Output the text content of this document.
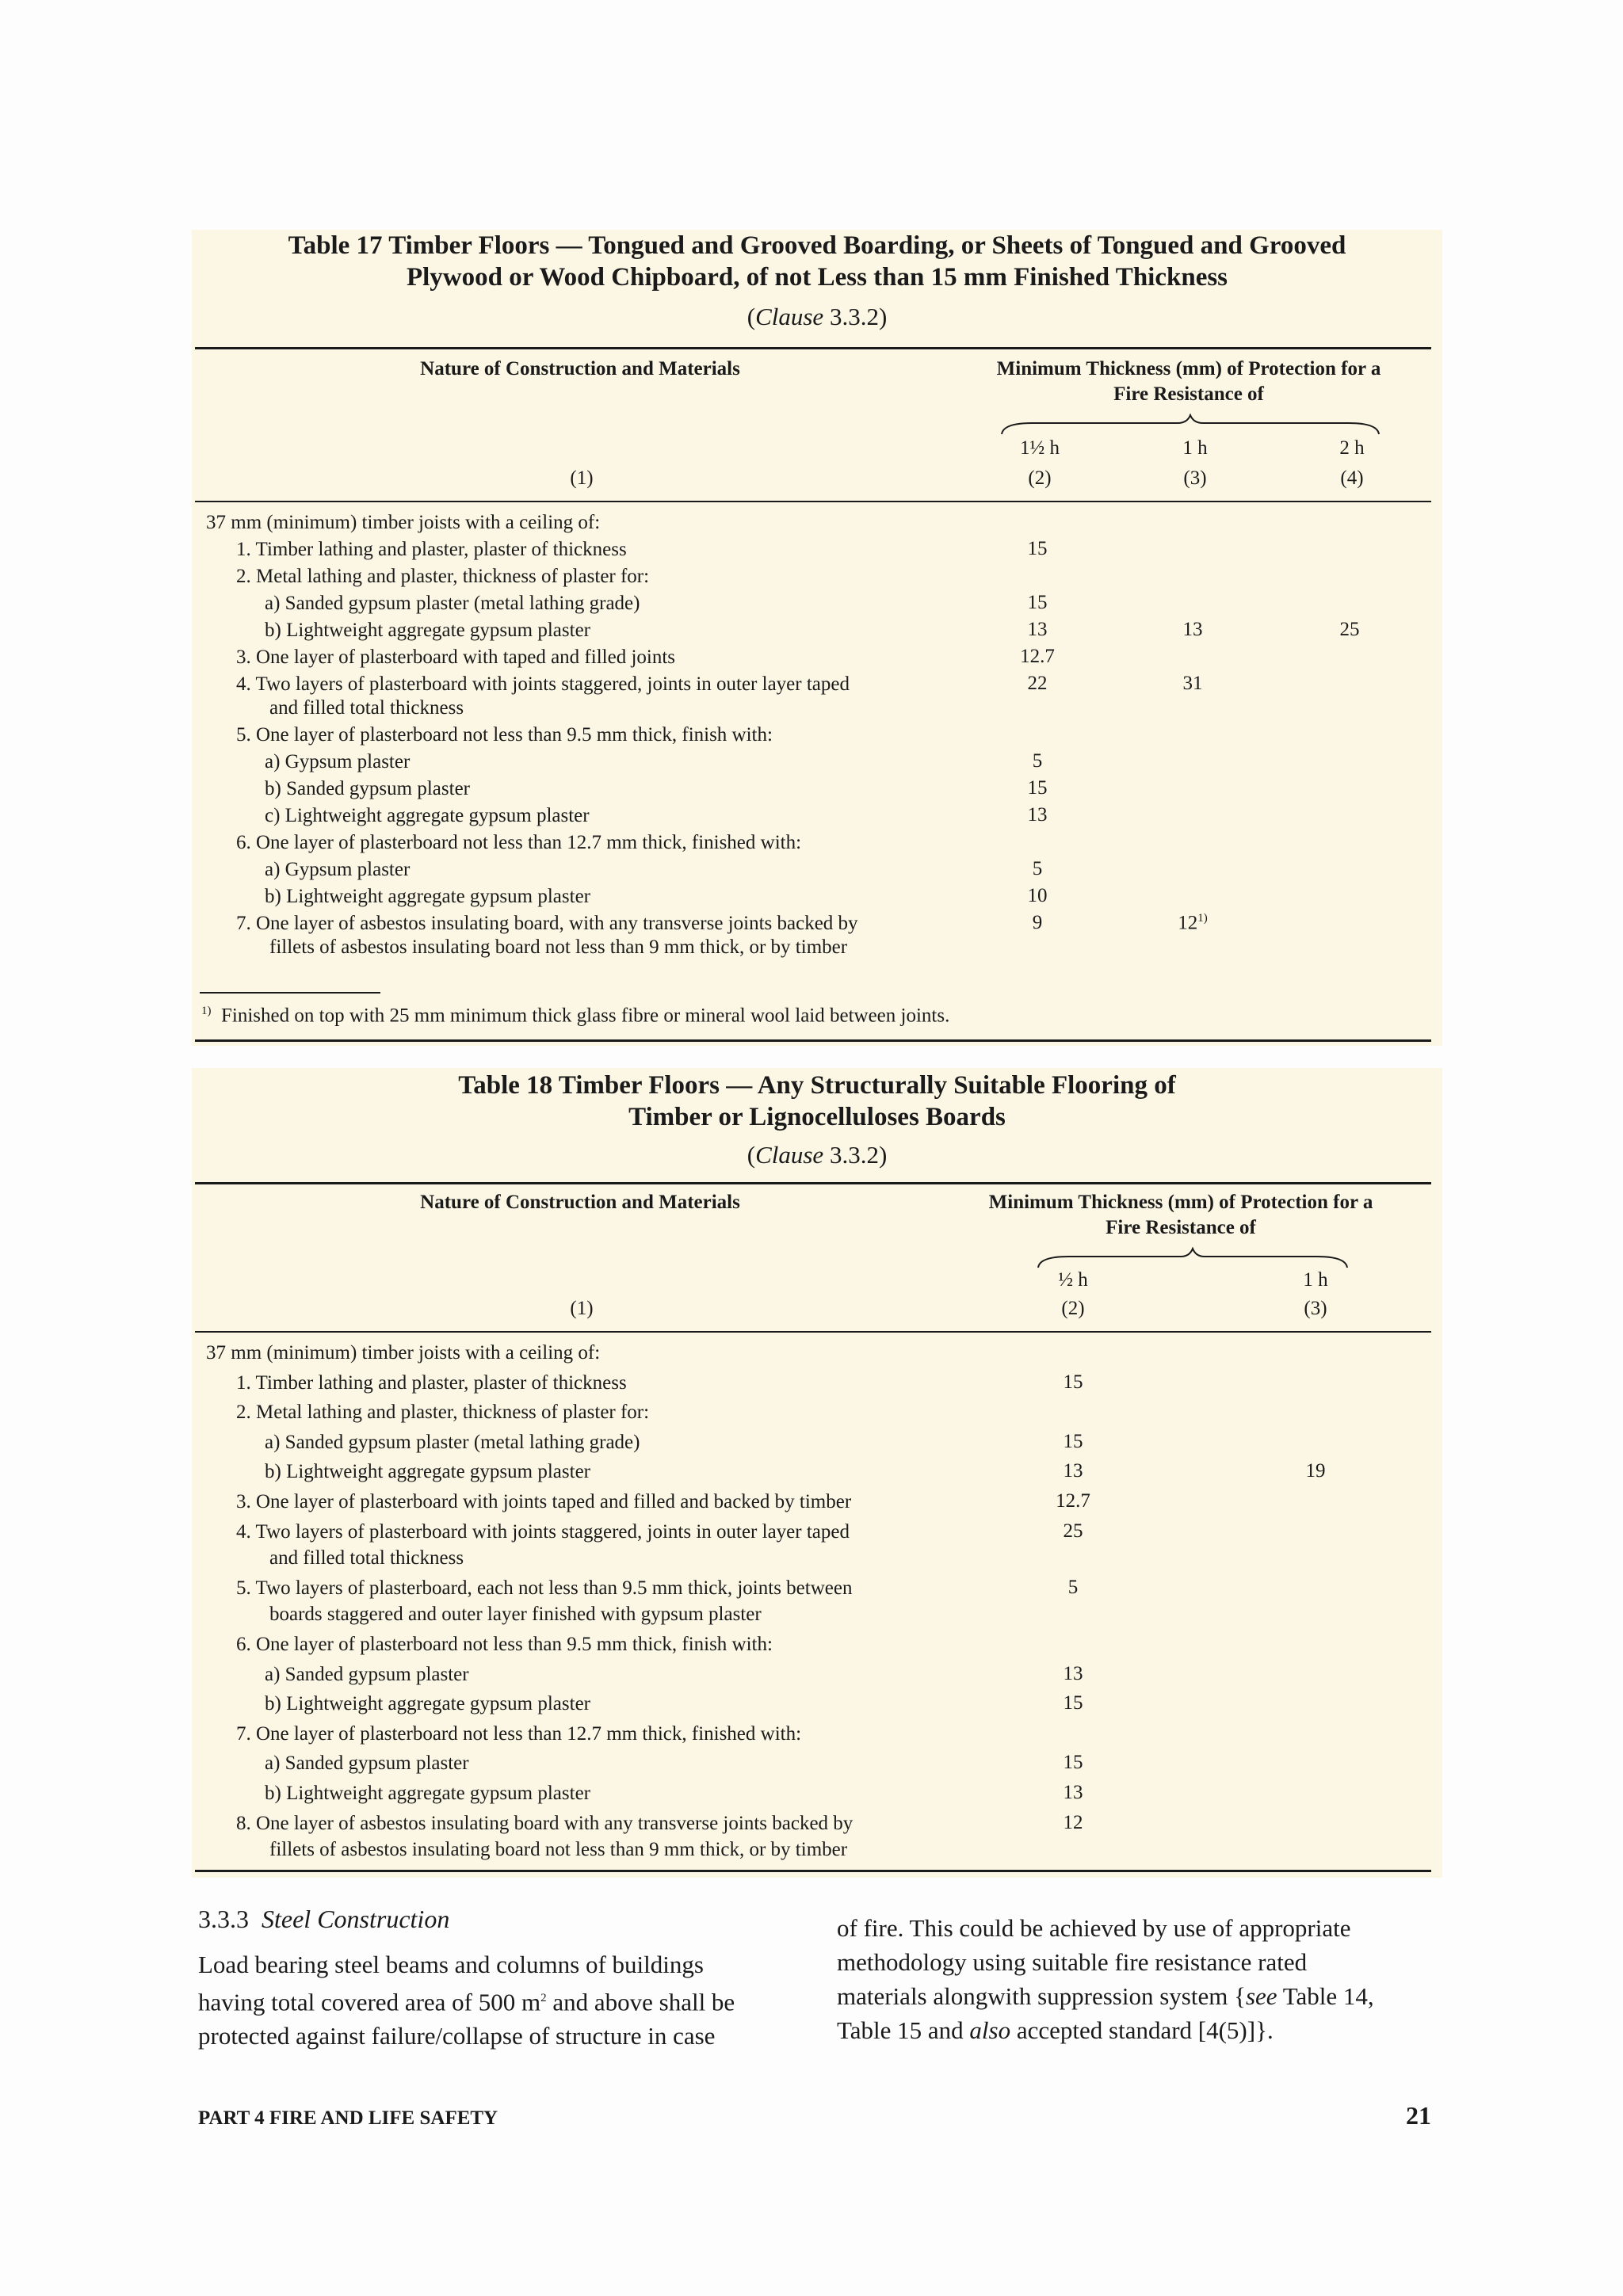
Table 17 Timber Floors — Tongued and Grooved Boarding, or Sheets of Tongued and Grooved
Plywood or Wood Chipboard, of not Less than 15 mm Finished Thickness
(Clause 3.3.2)
Nature of Construction and Materials	Minimum Thickness (mm) of Protection for a
Fire Resistance of
1½ h	1 h	2 h
(1)	(2)	(3)	(4)
37 mm (minimum) timber joists with a ceiling of:
1. Timber lathing and plaster, plaster of thickness	15
2. Metal lathing and plaster, thickness of plaster for:
a) Sanded gypsum plaster (metal lathing grade)	15
b) Lightweight aggregate gypsum plaster	13	13	25
3. One layer of plasterboard with taped and filled joints	12.7
4. Two layers of plasterboard with joints staggered, joints in outer layer taped	22	31
and filled total thickness
5. One layer of plasterboard not less than 9.5 mm thick, finish with:
a) Gypsum plaster	5
b) Sanded gypsum plaster	15
c) Lightweight aggregate gypsum plaster	13
6. One layer of plasterboard not less than 12.7 mm thick, finished with:
a) Gypsum plaster	5
b) Lightweight aggregate gypsum plaster	10
7. One layer of asbestos insulating board, with any transverse joints backed by	9	12$^{1)}$
fillets of asbestos insulating board not less than 9 mm thick, or by timber
$^{1)}$ Finished on top with 25 mm minimum thick glass fibre or mineral wool laid between joints.
Table 18 Timber Floors — Any Structurally Suitable Flooring of
Timber or Lignocelluloses Boards
(Clause 3.3.2)
Nature of Construction and Materials	Minimum Thickness (mm) of Protection for a
Fire Resistance of
½ h	1 h
(1)	(2)	(3)
37 mm (minimum) timber joists with a ceiling of:
1. Timber lathing and plaster, plaster of thickness	15
2. Metal lathing and plaster, thickness of plaster for:
a) Sanded gypsum plaster (metal lathing grade)	15
b) Lightweight aggregate gypsum plaster	13	19
3. One layer of plasterboard with joints taped and filled and backed by timber	12.7
4. Two layers of plasterboard with joints staggered, joints in outer layer taped	25
and filled total thickness
5. Two layers of plasterboard, each not less than 9.5 mm thick, joints between	5
boards staggered and outer layer finished with gypsum plaster
6. One layer of plasterboard not less than 9.5 mm thick, finish with:
a) Sanded gypsum plaster	13
b) Lightweight aggregate gypsum plaster	15
7. One layer of plasterboard not less than 12.7 mm thick, finished with:
a) Sanded gypsum plaster	15
b) Lightweight aggregate gypsum plaster	13
8. One layer of asbestos insulating board with any transverse joints backed by	12
fillets of asbestos insulating board not less than 9 mm thick, or by timber
3.3.3 Steel Construction
Load bearing steel beams and columns of buildings
having total covered area of 500 $m^2$ and above shall be
protected against failure/collapse of structure in case
of fire. This could be achieved by use of appropriate
methodology using suitable fire resistance rated
materials alongwith suppression system {see Table 14,
Table 15 and also accepted standard [4(5)]}.
PART 4 FIRE AND LIFE SAFETY	21
